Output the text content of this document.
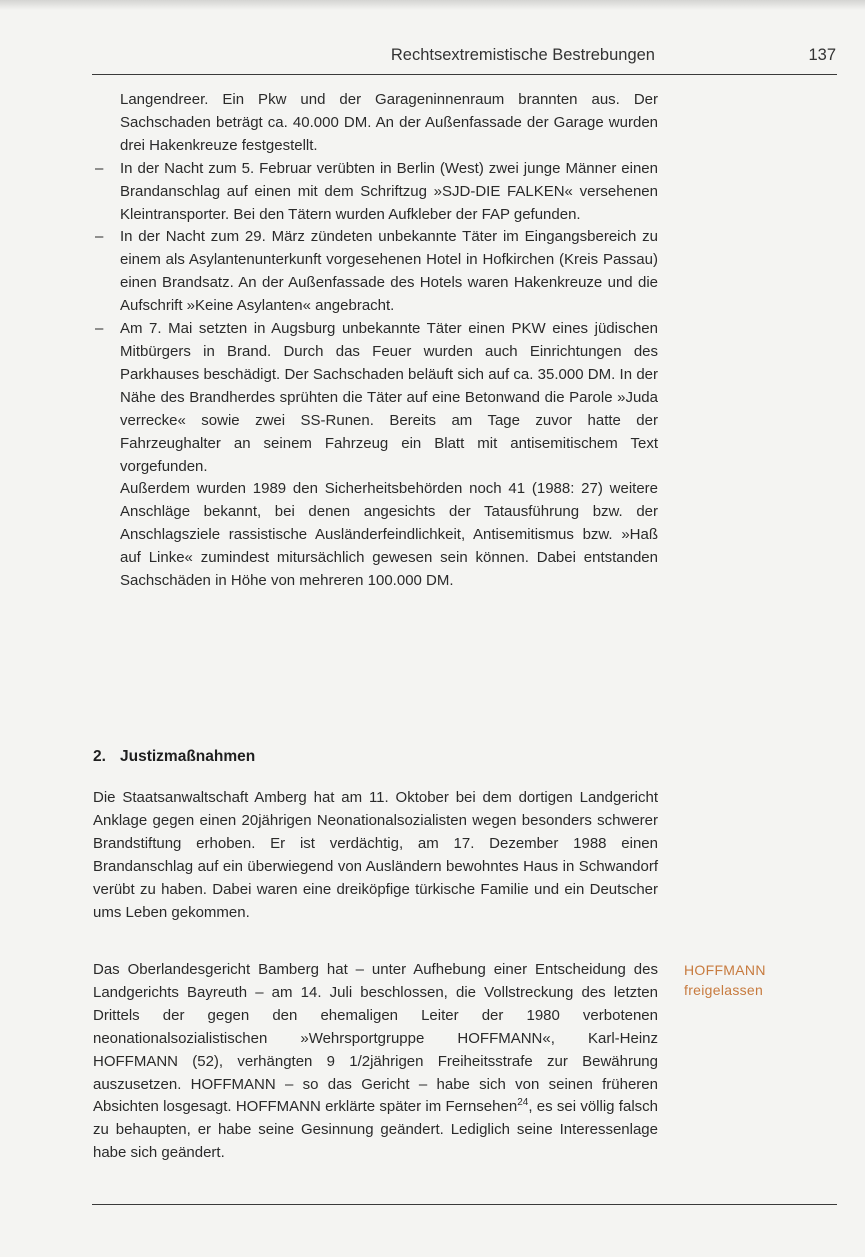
Rechtsextremistische Bestrebungen	137

Langendreer. Ein Pkw und der Garageninnenraum brannten aus. Der Sachschaden beträgt ca. 40.000 DM. An der Außenfassade der Garage wurden drei Hakenkreuze festgestellt.

– In der Nacht zum 5. Februar verübten in Berlin (West) zwei junge Männer einen Brandanschlag auf einen mit dem Schriftzug »SJD-DIE FALKEN« versehenen Kleintransporter. Bei den Tätern wurden Aufkleber der FAP gefunden.
– In der Nacht zum 29. März zündeten unbekannte Täter im Eingangsbereich zu einem als Asylantenunterkunft vorgesehenen Hotel in Hofkirchen (Kreis Passau) einen Brandsatz. An der Außenfassade des Hotels waren Hakenkreuze und die Aufschrift »Keine Asylanten« angebracht.
– Am 7. Mai setzten in Augsburg unbekannte Täter einen PKW eines jüdischen Mitbürgers in Brand. Durch das Feuer wurden auch Einrichtungen des Parkhauses beschädigt. Der Sachschaden beläuft sich auf ca. 35.000 DM. In der Nähe des Brandherdes sprühten die Täter auf eine Betonwand die Parole »Juda verrecke« sowie zwei SS-Runen. Bereits am Tage zuvor hatte der Fahrzeughalter an seinem Fahrzeug ein Blatt mit antisemitischem Text vorgefunden.

Außerdem wurden 1989 den Sicherheitsbehörden noch 41 (1988: 27) weitere Anschläge bekannt, bei denen angesichts der Tatausführung bzw. der Anschlagsziele rassistische Ausländerfeindlichkeit, Antisemitismus bzw. »Haß auf Linke« zumindest mitursächlich gewesen sein können. Dabei entstanden Sachschäden in Höhe von mehreren 100.000 DM.

2. Justizmaßnahmen

Die Staatsanwaltschaft Amberg hat am 11. Oktober bei dem dortigen Landgericht Anklage gegen einen 20jährigen Neonationalsozialisten wegen besonders schwerer Brandstiftung erhoben. Er ist verdächtig, am 17. Dezember 1988 einen Brandanschlag auf ein überwiegend von Ausländern bewohntes Haus in Schwandorf verübt zu haben. Dabei waren eine dreiköpfige türkische Familie und ein Deutscher ums Leben gekommen.

Das Oberlandesgericht Bamberg hat – unter Aufhebung einer Entscheidung des Landgerichts Bayreuth – am 14. Juli beschlossen, die Vollstreckung des letzten Drittels der gegen den ehemaligen Leiter der 1980 verbotenen neonationalsozialistischen »Wehrsportgruppe HOFFMANN«, Karl-Heinz HOFFMANN (52), verhängten 9 1/2jährigen Freiheitsstrafe zur Bewährung auszusetzen. HOFFMANN – so das Gericht – habe sich von seinen früheren Absichten losgesagt. HOFFMANN erklärte später im Fernsehen$^{24}$, es sei völlig falsch zu behaupten, er habe seine Gesinnung geändert. Lediglich seine Interessenlage habe sich geändert.

HOFFMANN
freigelassen
